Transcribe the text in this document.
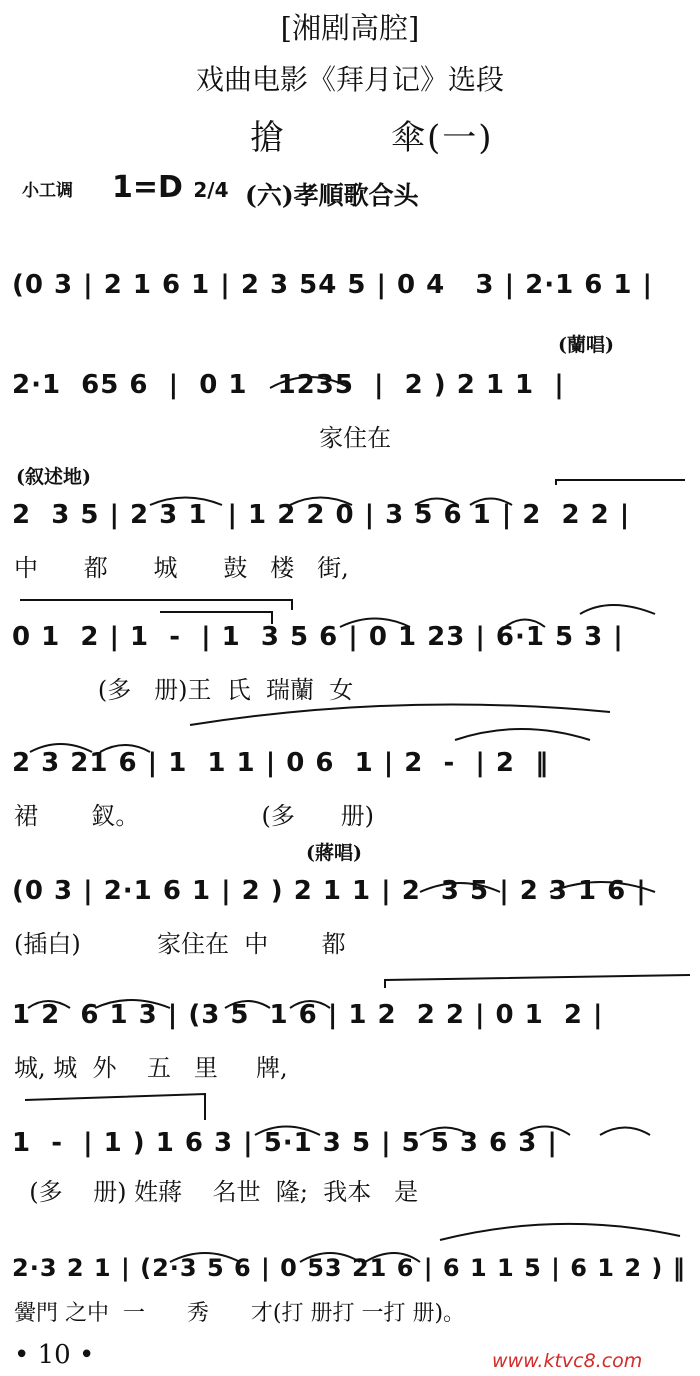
[湘剧高腔]
戏曲电影《拜月记》选段
搶	傘(一)
小工调 1=D 2/4 (六)孝順歌合头
(0 3 | 2 1 6 1 | 2 3 54 5 | 0 4   3 | 2·1 6 1 |
(蘭唱)
2·1  65 6  |  0 1   1235  |  2 ) 2 1 1  |
家住在
(叙述地)
2  3 5 | 2 3 1  | 1 2 2 0 | 3 5 6 1 | 2  2 2 |
中      都      城      鼓   楼   街,
0 1  2 | 1  -  | 1  3 5 6 | 0 1 23 | 6·1 5 3 |
(多   册)王  氏  瑞蘭  女
2 3 21 6 | 1  1 1 | 0 6  1 | 2  -  | 2  ‖
裙       釵。                (多      册)
(蔣唱)
(0 3 | 2·1 6 1 | 2 ) 2 1 1 | 2  3 5 | 2 3 1 6 |
(插白)          家住在  中       都
1 2  6 1 3 | (3 5  1 6 | 1 2  2 2 | 0 1  2 |
城, 城  外    五   里     牌,
1  -  | 1 ) 1 6 3 | 5·1 3 5 | 5 5 3 6 3 |
(多    册) 姓蔣    名世  隆;  我本   是
2·3 2 1 | (2·3 5 6 | 0 53 21 6 | 6 1 1 5 | 6 1 2 ) ‖
黌門 之中  一      秀      才(打 册打 一打 册)。
• 10 •	www.ktvc8.com
